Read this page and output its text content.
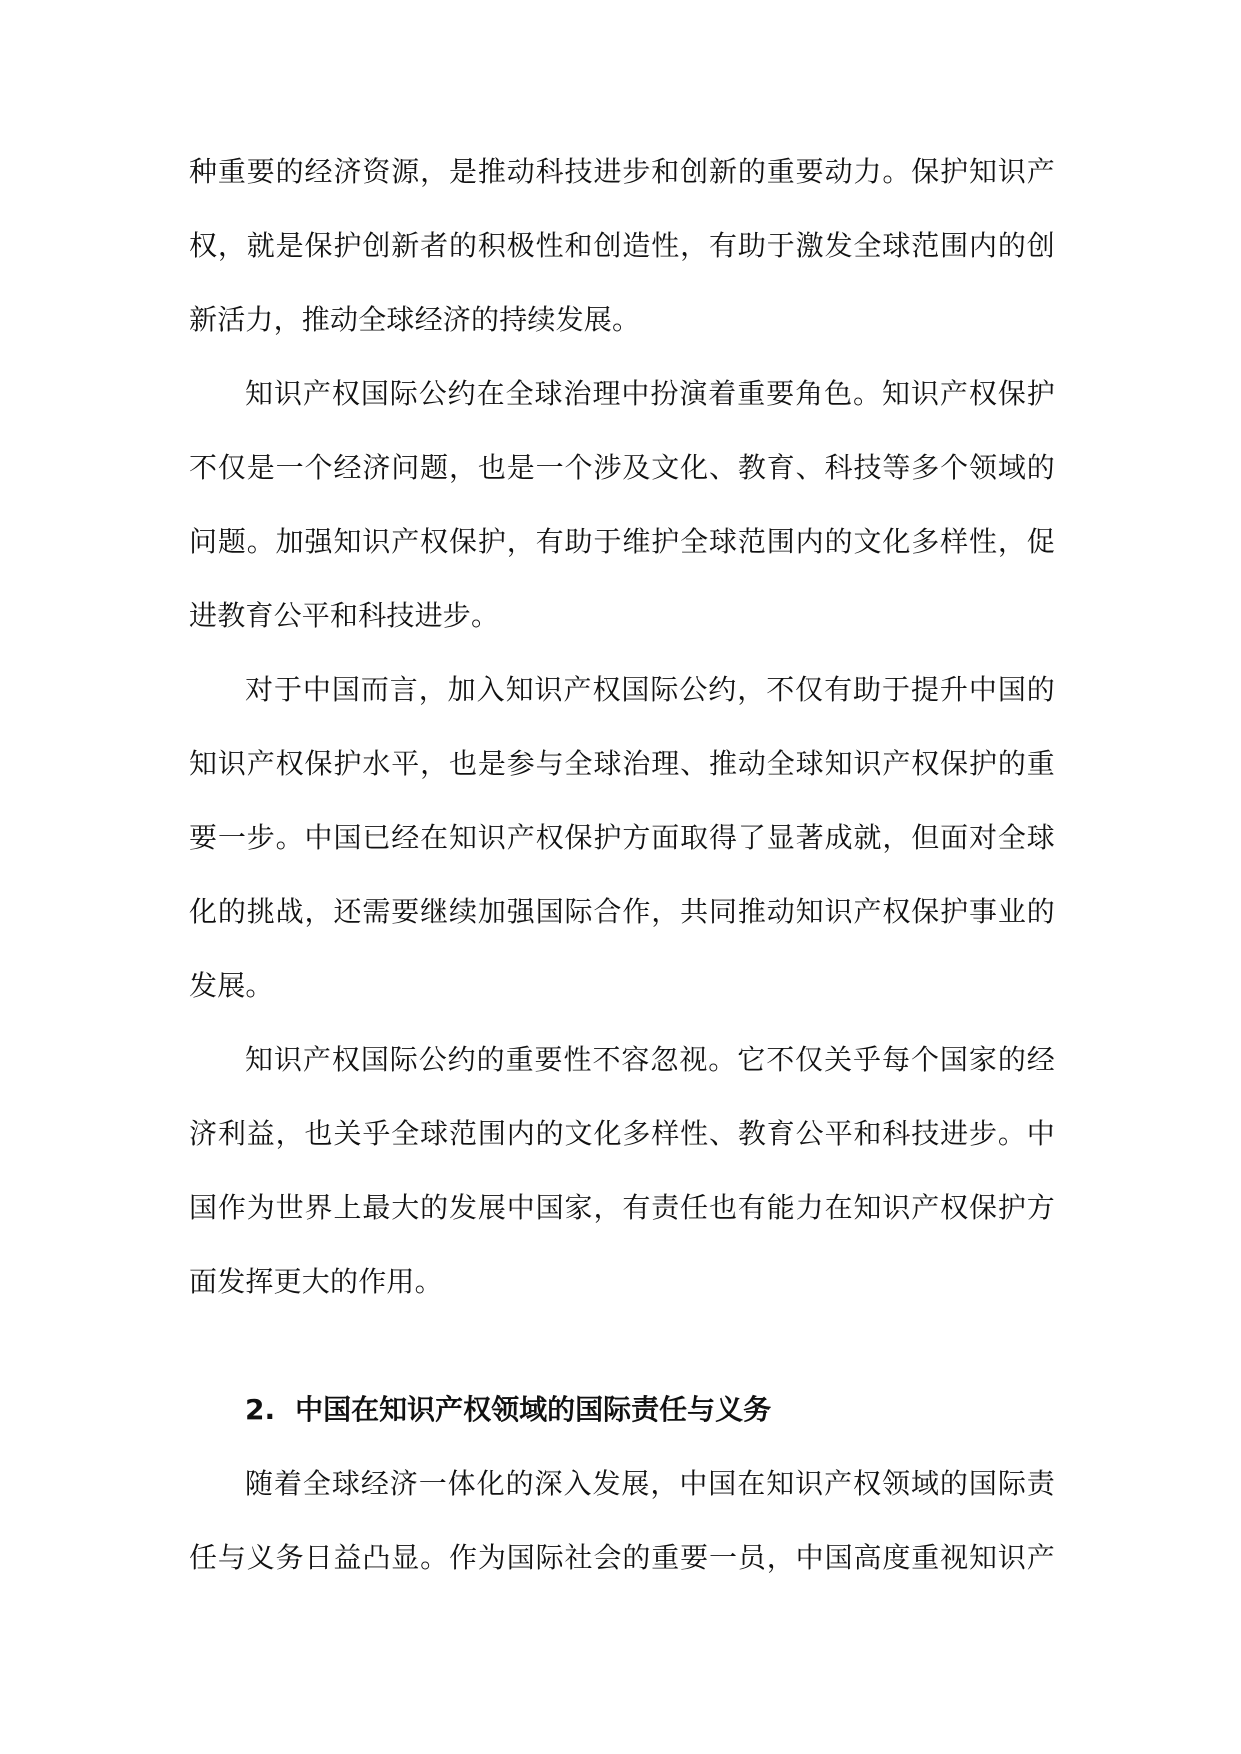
种重要的经济资源，是推动科技进步和创新的重要动力。保护知识产
权，就是保护创新者的积极性和创造性，有助于激发全球范围内的创
新活力，推动全球经济的持续发展。
知识产权国际公约在全球治理中扮演着重要角色。知识产权保护
不仅是一个经济问题，也是一个涉及文化、教育、科技等多个领域的
问题。加强知识产权保护，有助于维护全球范围内的文化多样性，促
进教育公平和科技进步。
对于中国而言，加入知识产权国际公约，不仅有助于提升中国的
知识产权保护水平，也是参与全球治理、推动全球知识产权保护的重
要一步。中国已经在知识产权保护方面取得了显著成就，但面对全球
化的挑战，还需要继续加强国际合作，共同推动知识产权保护事业的
发展。
知识产权国际公约的重要性不容忽视。它不仅关乎每个国家的经
济利益，也关乎全球范围内的文化多样性、教育公平和科技进步。中
国作为世界上最大的发展中国家，有责任也有能力在知识产权保护方
面发挥更大的作用。
2. 中国在知识产权领域的国际责任与义务
随着全球经济一体化的深入发展，中国在知识产权领域的国际责
任与义务日益凸显。作为国际社会的重要一员，中国高度重视知识产
